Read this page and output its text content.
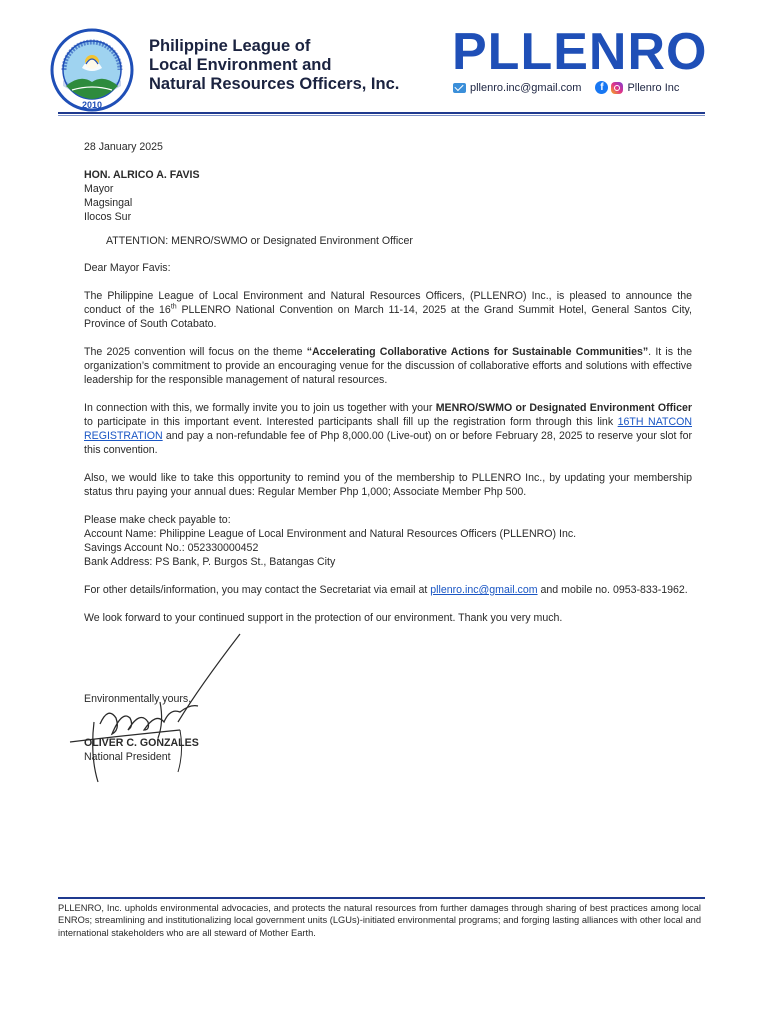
2010
Philippine League of
Local Environment and
Natural Resources Officers, Inc.
PLLENRO
pllenro.inc@gmail.com	f	Pllenro Inc

28 January 2025

HON. ALRICO A. FAVIS
Mayor
Magsingal
Ilocos Sur

ATTENTION: MENRO/SWMO or Designated Environment Officer

Dear Mayor Favis:

The Philippine League of Local Environment and Natural Resources Officers, (PLLENRO) Inc., is pleased to announce the conduct of the 16th PLLENRO National Convention on March 11-14, 2025 at the Grand Summit Hotel, General Santos City, Province of South Cotabato.

The 2025 convention will focus on the theme “Accelerating Collaborative Actions for Sustainable Communities”. It is the organization’s commitment to provide an encouraging venue for the discussion of collaborative efforts and solutions with effective leadership for the responsible management of natural resources.

In connection with this, we formally invite you to join us together with your MENRO/SWMO or Designated Environment Officer to participate in this important event. Interested participants shall fill up the registration form through this link 16TH NATCON REGISTRATION and pay a non-refundable fee of Php 8,000.00 (Live-out) on or before February 28, 2025 to reserve your slot for this convention.

Also, we would like to take this opportunity to remind you of the membership to PLLENRO Inc., by updating your membership status thru paying your annual dues: Regular Member Php 1,000; Associate Member Php 500.

Please make check payable to:
Account Name: Philippine League of Local Environment and Natural Resources Officers (PLLENRO) Inc.
Savings Account No.: 052330000452
Bank Address: PS Bank, P. Burgos St., Batangas City

For other details/information, you may contact the Secretariat via email at pllenro.inc@gmail.com and mobile no. 0953-833-1962.

We look forward to your continued support in the protection of our environment. Thank you very much.

Environmentally yours,
OLIVER C. GONZALES
National President
PLLENRO, Inc. upholds environmental advocacies, and protects the natural resources from further damages through sharing of best practices among local ENROs; streamlining and institutionalizing local government units (LGUs)-initiated environmental programs; and forging lasting alliances with other local and international stakeholders who are all steward of Mother Earth.
